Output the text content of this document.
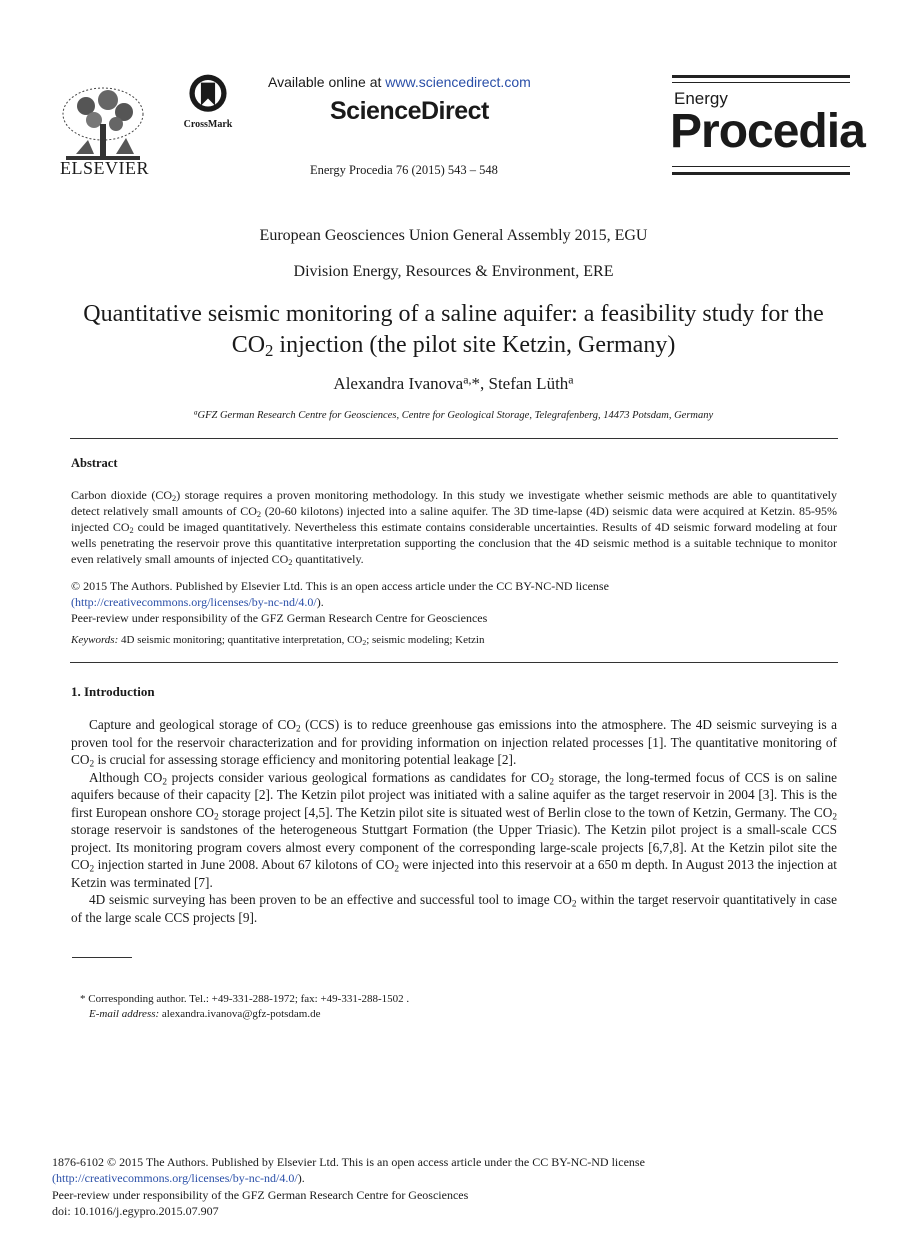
ELSEVIER
CrossMark
Available online at www.sciencedirect.com
ScienceDirect
Energy Procedia 76 (2015) 543 – 548
Energy
Procedia
European Geosciences Union General Assembly 2015, EGU
Division Energy, Resources & Environment, ERE
Quantitative seismic monitoring of a saline aquifer: a feasibility study for the $CO_2$ injection (the pilot site Ketzin, Germany)
Alexandra Ivanova$^{a,}$*, Stefan Lüth$^a$
$^a$GFZ German Research Centre for Geosciences, Centre for Geological Storage, Telegrafenberg, 14473 Potsdam, Germany
Abstract
Carbon dioxide $(CO_2)$ storage requires a proven monitoring methodology. In this study we investigate whether seismic methods are able to quantitatively detect relatively small amounts of $CO_2$ (20-60 kilotons) injected into a saline aquifer. The 3D time-lapse (4D) seismic data were acquired at Ketzin. 85-95% injected $CO_2$ could be imaged quantitatively. Nevertheless this estimate contains considerable uncertainties. Results of 4D seismic forward modeling at four wells penetrating the reservoir prove this quantitative interpretation supporting the conclusion that the 4D seismic method is a suitable technique to monitor even relatively small amounts of injected $CO_2$ quantitatively.
© 2015 The Authors. Published by Elsevier Ltd. This is an open access article under the CC BY-NC-ND license
(http://creativecommons.org/licenses/by-nc-nd/4.0/).
Peer-review under responsibility of the GFZ German Research Centre for Geosciences
Keywords: 4D seismic monitoring; quantitative interpretation, $CO_2$; seismic modeling; Ketzin
1. Introduction

Capture and geological storage of $CO_2$ (CCS) is to reduce greenhouse gas emissions into the atmosphere. The 4D seismic surveying is a proven tool for the reservoir characterization and for providing information on injection related processes [1]. The quantitative monitoring of $CO_2$ is crucial for assessing storage efficiency and monitoring potential leakage [2].

Although $CO_2$ projects consider various geological formations as candidates for $CO_2$ storage, the long-termed focus of CCS is on saline aquifers because of their capacity [2]. The Ketzin pilot project was initiated with a saline aquifer as the target reservoir in 2004 [3]. This is the first European onshore $CO_2$ storage project [4,5]. The Ketzin pilot site is situated west of Berlin close to the town of Ketzin, Germany. The $CO_2$ storage reservoir is sandstones of the heterogeneous Stuttgart Formation (the Upper Triasic). The Ketzin pilot project is a small-scale CCS project. Its monitoring program covers almost every component of the corresponding large-scale projects [6,7,8]. At the Ketzin pilot site the $CO_2$ injection started in June 2008. About 67 kilotons of $CO_2$ were injected into this reservoir at a 650 m depth. In August 2013 the injection at Ketzin was terminated [7].

4D seismic surveying has been proven to be an effective and successful tool to image $CO_2$ within the target reservoir quantitatively in case of the large scale CCS projects [9].

* Corresponding author. Tel.: +49-331-288-1972; fax: +49-331-288-1502 .
E-mail address: alexandra.ivanova@gfz-potsdam.de
1876-6102 © 2015 The Authors. Published by Elsevier Ltd. This is an open access article under the CC BY-NC-ND license
(http://creativecommons.org/licenses/by-nc-nd/4.0/).
Peer-review under responsibility of the GFZ German Research Centre for Geosciences
doi: 10.1016/j.egypro.2015.07.907
